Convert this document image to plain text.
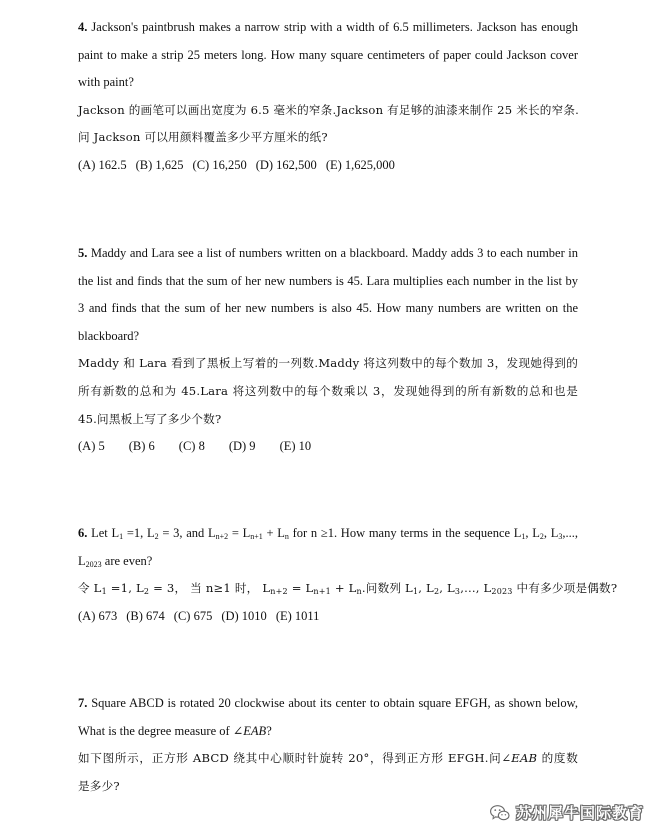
4. Jackson's paintbrush makes a narrow strip with a width of 6.5 millimeters. Jackson has enough
paint to make a strip 25 meters long. How many square centimeters of paper could Jackson cover
with paint?
Jackson 的画笔可以画出宽度为 6.5 毫米的窄条.Jackson 有足够的油漆来制作 25 米长的窄条.
问 Jackson 可以用颜料覆盖多少平方厘米的纸?
(A) 162.5 (B) 1,625 (C) 16,250 (D) 162,500 (E) 1,625,000
5. Maddy and Lara see a list of numbers written on a blackboard. Maddy adds 3 to each number in
the list and finds that the sum of her new numbers is 45. Lara multiplies each number in the list by
3 and finds that the sum of her new numbers is also 45. How many numbers are written on the
blackboard?
Maddy 和 Lara 看到了黑板上写着的一列数.Maddy 将这列数中的每个数加 3，发现她得到的
所有新数的总和为 45.Lara 将这列数中的每个数乘以 3，发现她得到的所有新数的总和也是
45.问黑板上写了多少个数?
(A) 5 (B) 6 (C) 8 (D) 9 (E) 10
6. Let $L_1 =1$, $L_2 = 3$, and $L_{n+2} = L_{n+1} + L_n$ for n ≥1. How many terms in the sequence $L_1$, $L_2$, $L_3$,...,
$L_{2023}$ are even?
令 $L_1 =1$, $L_2 = 3$， 当 n≥1 时， $L_{n+2} = L_{n+1} + L_n$.问数列 $L_1$, $L_2$, $L_3$,..., $L_{2023}$ 中有多少项是偶数?
(A) 673 (B) 674 (C) 675 (D) 1010 (E) 1011
7. Square ABCD is rotated 20 clockwise about its center to obtain square EFGH, as shown below,
What is the degree measure of ∠EAB?
如下图所示，正方形 ABCD 绕其中心顺时针旋转 20°，得到正方形 EFGH.问∠EAB 的度数
是多少?
苏州犀牛国际教育
